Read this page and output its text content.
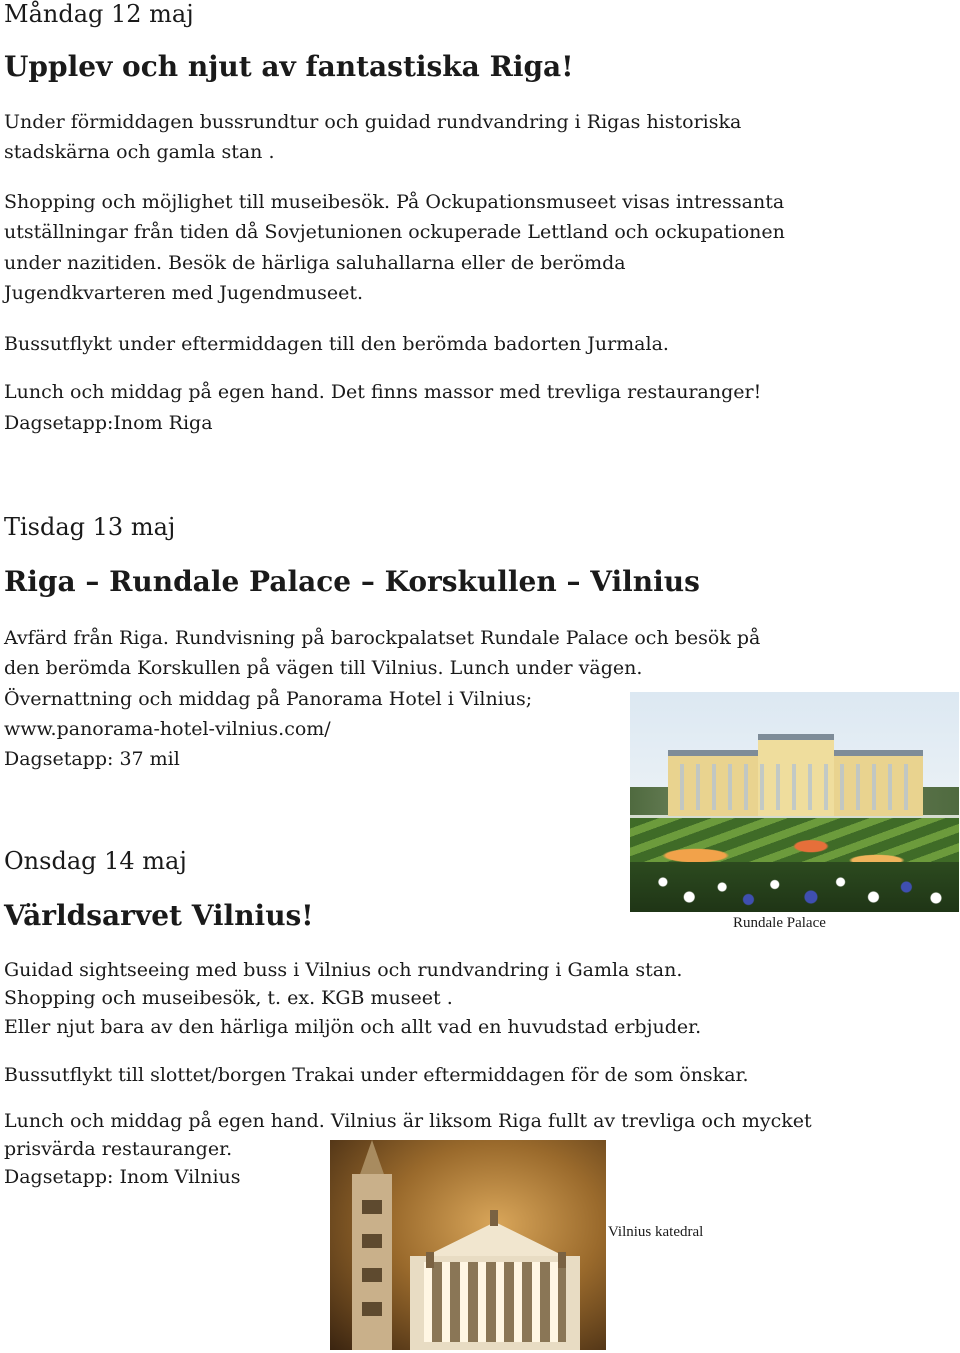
Måndag 12 maj
Upplev och njut av fantastiska Riga!
Under förmiddagen bussrundtur och guidad rundvandring i Rigas historiska
stadskärna och gamla stan .
Shopping och möjlighet till museibesök. På Ockupationsmuseet visas intressanta
utställningar från tiden då Sovjetunionen ockuperade Lettland och ockupationen
under nazitiden. Besök de härliga saluhallarna eller de berömda
Jugendkvarteren med Jugendmuseet.
Bussutflykt under eftermiddagen till den berömda badorten Jurmala.
Lunch och middag på egen hand. Det finns massor med trevliga restauranger!
Dagsetapp:Inom Riga
Tisdag 13 maj
Riga – Rundale Palace – Korskullen – Vilnius
Avfärd från Riga. Rundvisning på barockpalatset Rundale Palace och besök på
den berömda Korskullen på vägen till Vilnius. Lunch under vägen.
Övernattning och middag på Panorama Hotel i Vilnius;
www.panorama-hotel-vilnius.com/
Dagsetapp: 37 mil
Rundale Palace
Onsdag 14 maj
Världsarvet Vilnius!
Guidad sightseeing med buss i Vilnius och rundvandring i Gamla stan.
Shopping och museibesök, t. ex. KGB museet .
Eller njut bara av den härliga miljön och allt vad en huvudstad erbjuder.
Bussutflykt till slottet/borgen Trakai under eftermiddagen för de som önskar.
Lunch och middag på egen hand. Vilnius är liksom Riga fullt av trevliga och mycket
prisvärda restauranger.
Dagsetapp: Inom Vilnius
Vilnius katedral
